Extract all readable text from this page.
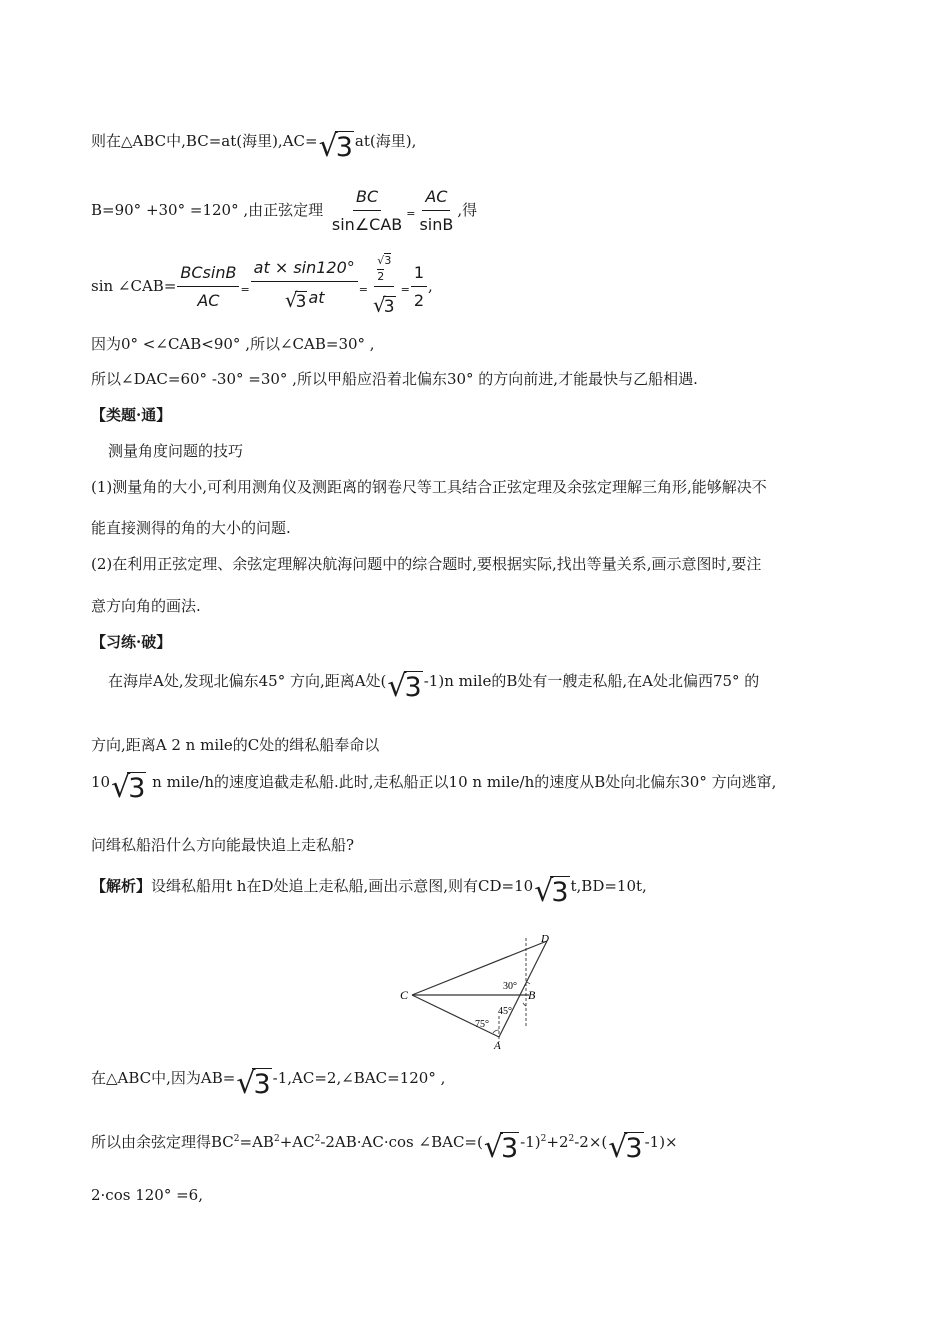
则在△ABC中,BC=at(海里),AC=√3 at(海里),
B=90° +30° =120° ,由正弦定理 $\frac{BC}{\text{sin∠CAB}} = \frac{AC}{\sin B}$ ,得
sin ∠CAB= $\frac{BCsinB}{AC} = \frac{at \times \sin 120^\circ}{√3 at}$ =
√3
2
√3
= $\frac{1}{2}$ ,
因为0° <∠CAB<90° ,所以∠CAB=30° ,
所以∠DAC=60° -30° =30° ,所以甲船应沿着北偏东30° 的方向前进,才能最快与乙船相遇.
【类题·通】
测量角度问题的技巧
(1)测量角的大小,可利用测角仪及测距离的钢卷尺等工具结合正弦定理及余弦定理解三角形,能够解决不
能直接测得的角的大小的问题.
(2)在利用正弦定理、余弦定理解决航海问题中的综合题时,要根据实际,找出等量关系,画示意图时,要注
意方向角的画法.
【习练·破】
在海岸A处,发现北偏东45° 方向,距离A处(√3 -1)n mile的B处有一艘走私船,在A处北偏西75° 的
方向,距离A 2 n mile的C处的缉私船奉命以
10√3 n mile/h的速度追截走私船.此时,走私船正以10 n mile/h的速度从B处向北偏东30° 方向逃窜,
问缉私船沿什么方向能最快追上走私船?
【解析】设缉私船用t h在D处追上走私船,画出示意图,则有CD=10√3 t,BD=10t,
C
D
B
A
30°
45°
75°
在△ABC中,因为AB=√3 -1,AC=2,∠BAC=120° ,
所以由余弦定理得$BC^2=AB^2+AC^2-2AB\cdot AC\cdot\cos$ ∠BAC=(√3 $-1)^2+2^2-2\times(√3$ -1)×
2·cos 120° =6,
